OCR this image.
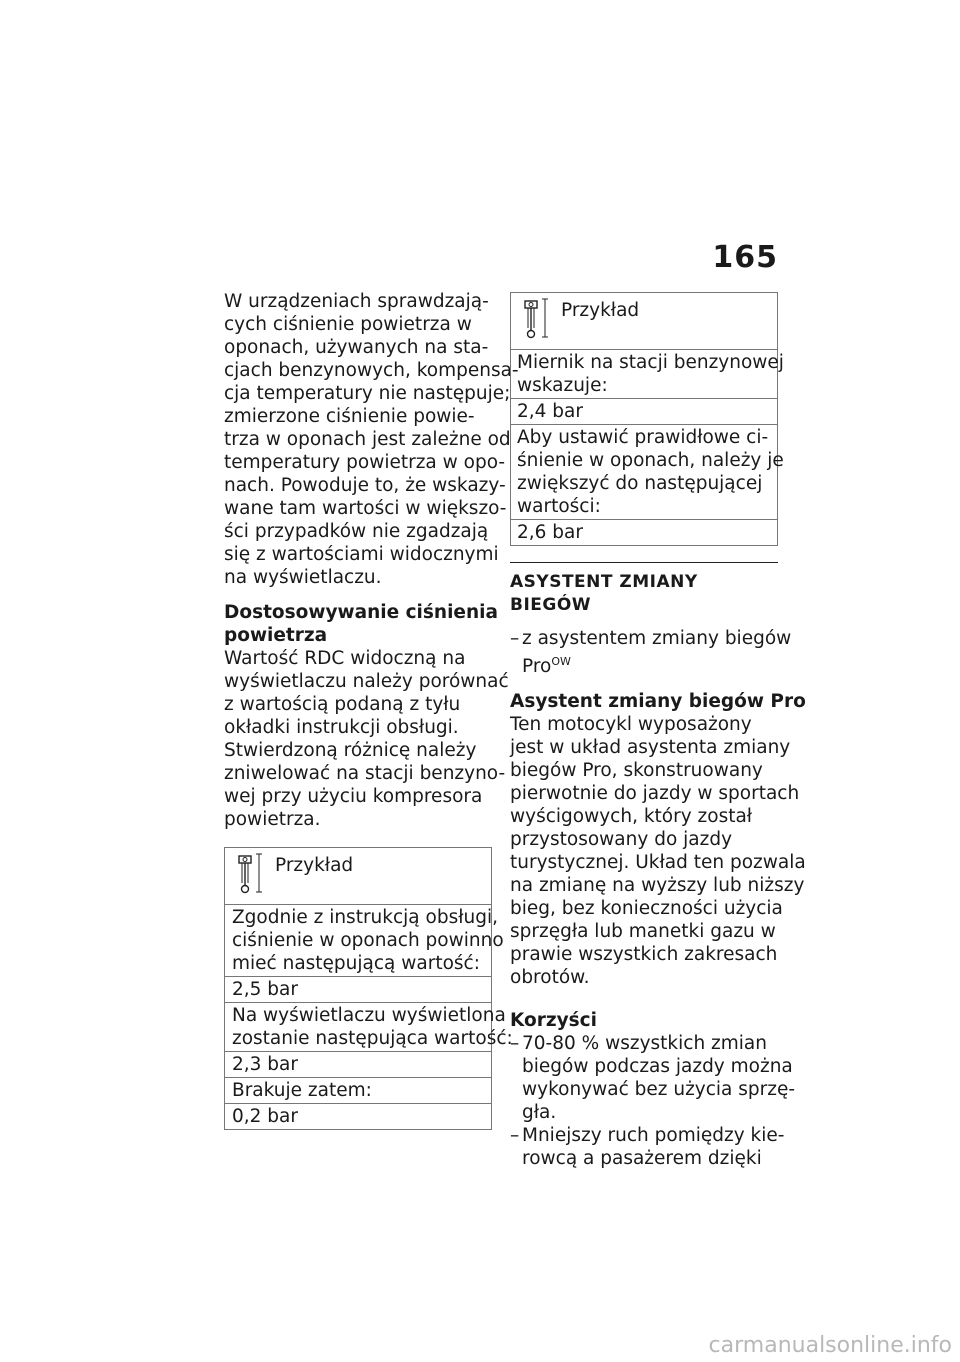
165
W urządzeniach sprawdzają-
cych ciśnienie powietrza w
oponach, używanych na sta-
cjach benzynowych, kompensa-
cja temperatury nie następuje;
zmierzone ciśnienie powie-
trza w oponach jest zależne od
temperatury powietrza w opo-
nach. Powoduje to, że wskazy-
wane tam wartości w większo-
ści przypadków nie zgadzają
się z wartościami widocznymi
na wyświetlaczu.
Dostosowywanie ciśnienia
powietrza
Wartość RDC widoczną na
wyświetlaczu należy porównać
z wartością podaną z tyłu
okładki instrukcji obsługi.
Stwierdzoną różnicę należy
zniwelować na stacji benzyno-
wej przy użyciu kompresora
powietrza.
Przykład
Zgodnie z instrukcją obsługi,
ciśnienie w oponach powinno
mieć następującą wartość:
2,5 bar
Na wyświetlaczu wyświetlona
zostanie następująca wartość:
2,3 bar
Brakuje zatem:
0,2 bar
Przykład
Miernik na stacji benzynowej
wskazuje:
2,4 bar
Aby ustawić prawidłowe ci-
śnienie w oponach, należy je
zwiększyć do następującej
wartości:
2,6 bar
ASYSTENT ZMIANY BIEGÓW
– z asystentem zmiany biegów
Pro$^{OW}$
Asystent zmiany biegów Pro
Ten motocykl wyposażony
jest w układ asystenta zmiany
biegów Pro, skonstruowany
pierwotnie do jazdy w sportach
wyścigowych, który został
przystosowany do jazdy
turystycznej. Układ ten pozwala
na zmianę na wyższy lub niższy
bieg, bez konieczności użycia
sprzęgła lub manetki gazu w
prawie wszystkich zakresach
obrotów.
Korzyści
– 70-80 % wszystkich zmian
biegów podczas jazdy można
wykonywać bez użycia sprzę-
gła.
– Mniejszy ruch pomiędzy kie-
rowcą a pasażerem dzięki
carmanualsonline.info
